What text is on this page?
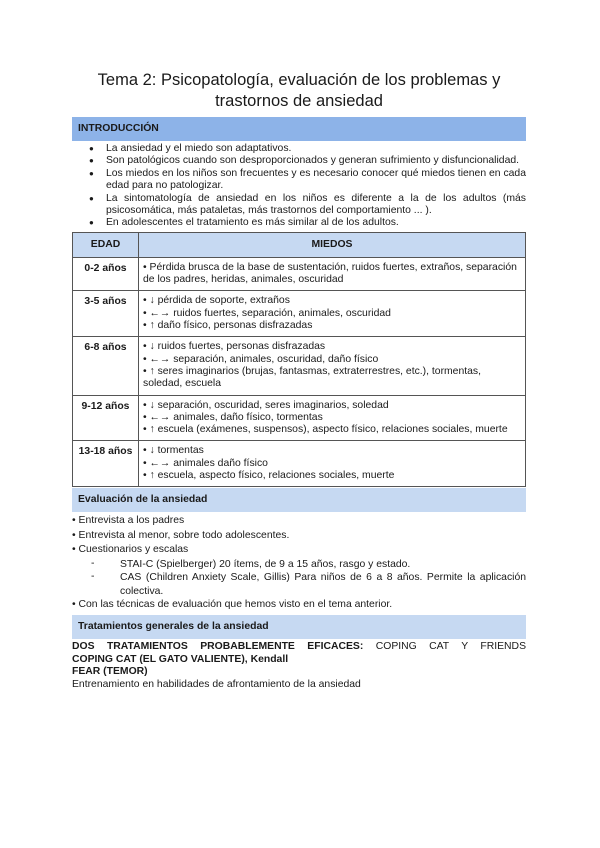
Tema 2: Psicopatología, evaluación de los problemas y trastornos de ansiedad
INTRODUCCIÓN
● La ansiedad y el miedo son adaptativos.
● Son patológicos cuando son desproporcionados y generan sufrimiento y disfuncionalidad.
● Los miedos en los niños son frecuentes y es necesario conocer qué miedos tienen en cada edad para no patologizar.
● La sintomatología de ansiedad en los niños es diferente a la de los adultos (más psicosomática, más pataletas, más trastornos del comportamiento ... ).
● En adolescentes el tratamiento es más similar al de los adultos.
EDAD	MIEDOS
0-2 años	• Pérdida brusca de la base de sustentación, ruidos fuertes, extraños, separación de los padres, heridas, animales, oscuridad

3-5 años	• ↓ pérdida de soporte, extraños
• ←→ ruidos fuertes, separación, animales, oscuridad
• ↑ daño físico, personas disfrazadas

6-8 años	• ↓ ruidos fuertes, personas disfrazadas
• ←→ separación, animales, oscuridad, daño físico
• ↑ seres imaginarios (brujas, fantasmas, extraterrestres, etc.), tormentas, soledad, escuela

9-12 años	• ↓ separación, oscuridad, seres imaginarios, soledad
• ←→ animales, daño físico, tormentas
• ↑ escuela (exámenes, suspensos), aspecto físico, relaciones sociales, muerte

13-18 años	• ↓ tormentas
• ←→ animales daño físico
• ↑ escuela, aspecto físico, relaciones sociales, muerte
Evaluación de la ansiedad
• Entrevista a los padres
• Entrevista al menor, sobre todo adolescentes.
• Cuestionarios y escalas
-	STAI-C (Spielberger) 20 ítems, de 9 a 15 años, rasgo y estado.
-	CAS (Children Anxiety Scale, Gillis) Para niños de 6 a 8 años. Permite la aplicación colectiva.
• Con las técnicas de evaluación que hemos visto en el tema anterior.
Tratamientos generales de la ansiedad
DOS TRATAMIENTOS PROBABLEMENTE EFICACES: COPING CAT Y FRIENDS
COPING CAT (EL GATO VALIENTE), Kendall
FEAR (TEMOR)
Entrenamiento en habilidades de afrontamiento de la ansiedad
